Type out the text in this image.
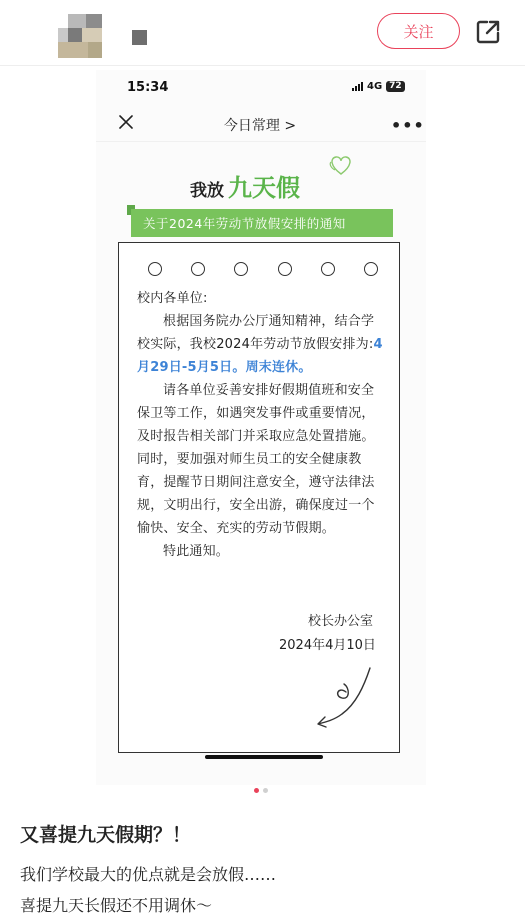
关注
15:34	4G 72
今日常理 >	•••
我放 九天假
关于2024年劳动节放假安排的通知

校内各单位:

根据国务院办公厅通知精神，结合学校实际，我校2024年劳动节放假安排为:4月29日-5月5日。周末连休。

请各单位妥善安排好假期值班和安全保卫等工作，如遇突发事件或重要情况，及时报告相关部门并采取应急处置措施。同时，要加强对师生员工的安全健康教育，提醒节日期间注意安全，遵守法律法规，文明出行，安全出游，确保度过一个愉快、安全、充实的劳动节假期。

特此通知。

校长办公室
2024年4月10日
又喜提九天假期？！
我们学校最大的优点就是会放假……
喜提九天长假还不用调休～
